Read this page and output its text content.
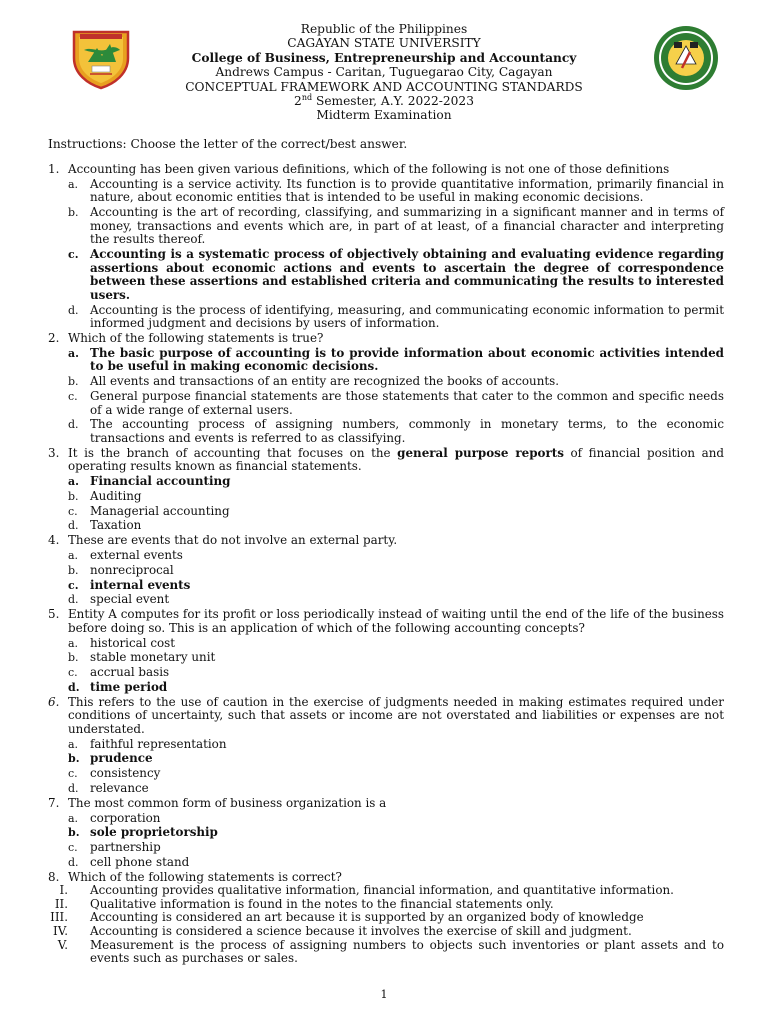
Republic of the Philippines
CAGAYAN STATE UNIVERSITY
College of Business, Entrepreneurship and Accountancy
Andrews Campus - Caritan, Tuguegarao City, Cagayan
CONCEPTUAL FRAMEWORK AND ACCOUNTING STANDARDS
2nd Semester, A.Y. 2022-2023
Midterm Examination
Instructions: Choose the letter of the correct/best answer.
1. Accounting has been given various definitions, which of the following is not one of those definitions
a. Accounting is a service activity. Its function is to provide quantitative information, primarily financial in nature, about economic entities that is intended to be useful in making economic decisions.
b. Accounting is the art of recording, classifying, and summarizing in a significant manner and in terms of money, transactions and events which are, in part of at least, of a financial character and interpreting the results thereof.
c. Accounting is a systematic process of objectively obtaining and evaluating evidence regarding assertions about economic actions and events to ascertain the degree of correspondence between these assertions and established criteria and communicating the results to interested users.
d. Accounting is the process of identifying, measuring, and communicating economic information to permit informed judgment and decisions by users of information.
2. Which of the following statements is true?
a. The basic purpose of accounting is to provide information about economic activities intended to be useful in making economic decisions.
b. All events and transactions of an entity are recognized the books of accounts.
c. General purpose financial statements are those statements that cater to the common and specific needs of a wide range of external users.
d. The accounting process of assigning numbers, commonly in monetary terms, to the economic transactions and events is referred to as classifying.
3. It is the branch of accounting that focuses on the general purpose reports of financial position and operating results known as financial statements.
a. Financial accounting
b. Auditing
c. Managerial accounting
d. Taxation
4. These are events that do not involve an external party.
a. external events
b. nonreciprocal
c. internal events
d. special event
5. Entity A computes for its profit or loss periodically instead of waiting until the end of the life of the business before doing so. This is an application of which of the following accounting concepts?
a. historical cost
b. stable monetary unit
c. accrual basis
d. time period
6. This refers to the use of caution in the exercise of judgments needed in making estimates required under conditions of uncertainty, such that assets or income are not overstated and liabilities or expenses are not understated.
a. faithful representation
b. prudence
c. consistency
d. relevance
7. The most common form of business organization is a
a. corporation
b. sole proprietorship
c. partnership
d. cell phone stand
8. Which of the following statements is correct?
I. Accounting provides qualitative information, financial information, and quantitative information.
II. Qualitative information is found in the notes to the financial statements only.
III. Accounting is considered an art because it is supported by an organized body of knowledge
IV. Accounting is considered a science because it involves the exercise of skill and judgment.
V. Measurement is the process of assigning numbers to objects such inventories or plant assets and to events such as purchases or sales.
1
